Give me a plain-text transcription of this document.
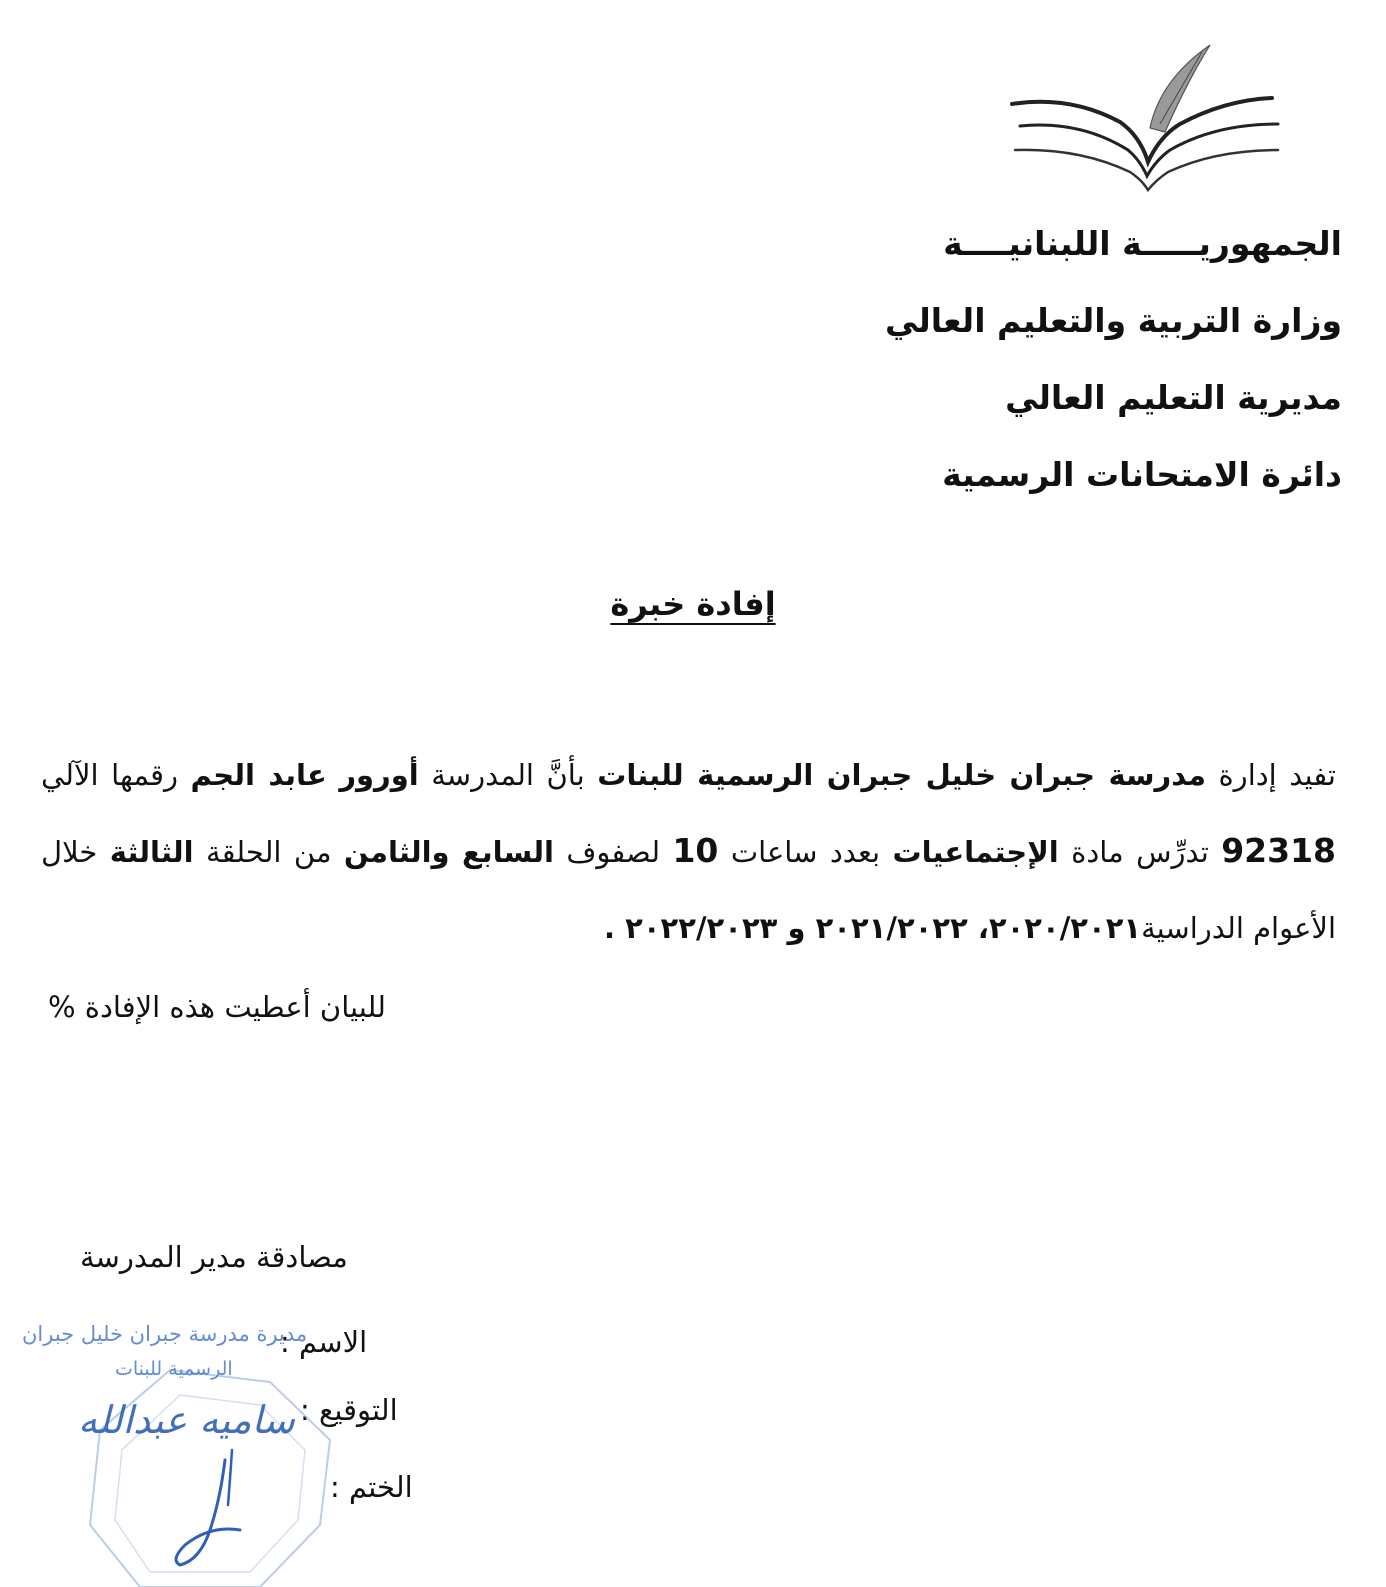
الجمهوريـــــة اللبنانيــــة
وزارة التربية والتعليم العالي
مديرية التعليم العالي
دائرة الامتحانات الرسمية
إفادة خبرة
تفيد إدارة مدرسة جبران خليل جبران الرسمية للبنات بأنَّ المدرسة أورور عابد الجم رقمها الآلي 92318 تدرِّس مادة الإجتماعيات بعدد ساعات 10 لصفوف السابع والثامن من الحلقة الثالثة خلال الأعوام الدراسية٢٠٢٠/٢٠٢١، ٢٠٢١/٢٠٢٢ و ٢٠٢٢/٢٠٢٣ .
للبيان أعطيت هذه الإفادة %
مصادقة مدير المدرسة
الاسم :
التوقيع :
الختم :
مديرة مدرسة جبران خليل جبران
الرسمية للبنات
ساميه عبدالله
